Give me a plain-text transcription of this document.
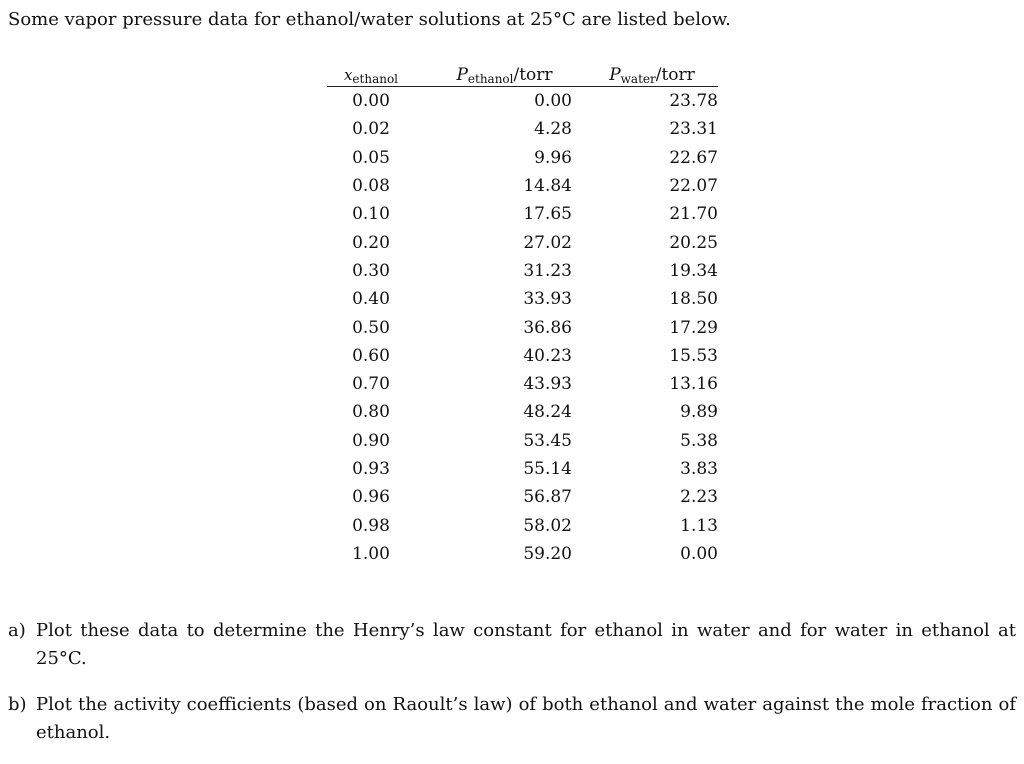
Some vapor pressure data for ethanol/water solutions at 25°C are listed below.
$x_{ethanol}$	$P_{ethanol}$/torr	$P_{water}$/torr
0.00	0.00	23.78
0.02	4.28	23.31
0.05	9.96	22.67
0.08	14.84	22.07
0.10	17.65	21.70
0.20	27.02	20.25
0.30	31.23	19.34
0.40	33.93	18.50
0.50	36.86	17.29
0.60	40.23	15.53
0.70	43.93	13.16
0.80	48.24	9.89
0.90	53.45	5.38
0.93	55.14	3.83
0.96	56.87	2.23
0.98	58.02	1.13
1.00	59.20	0.00
a) Plot these data to determine the Henry’s law constant for ethanol in water and for water in ethanol at 25°C.
b) Plot the activity coefficients (based on Raoult’s law) of both ethanol and water against the mole fraction of ethanol.
